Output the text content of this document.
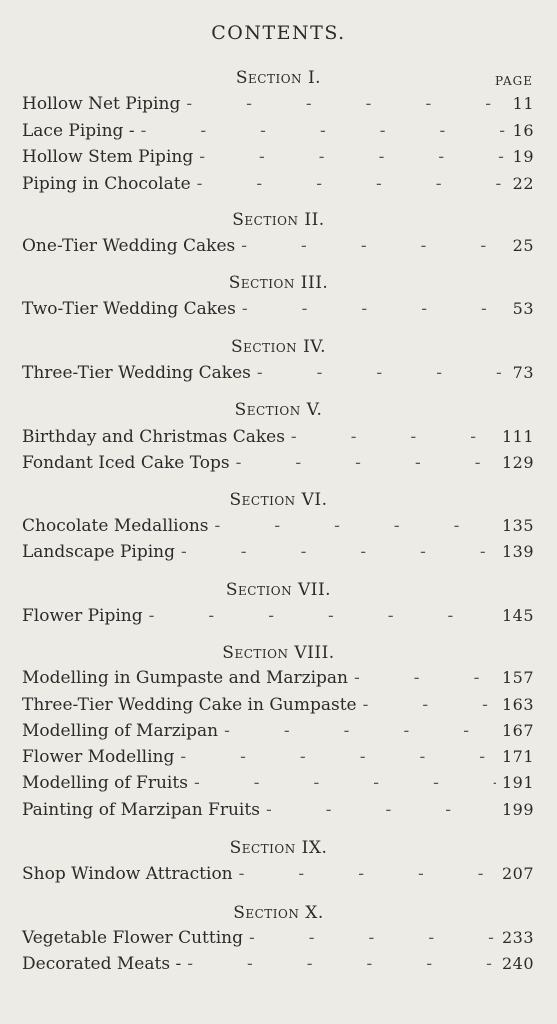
CONTENTS.
PAGE
Section I.
Hollow Net Piping -	11
Lace Piping - -	16
Hollow Stem Piping -	19
Piping in Chocolate -	22
Section II.
One-Tier Wedding Cakes -	25
Section III.
Two-Tier Wedding Cakes -	53
Section IV.
Three-Tier Wedding Cakes -	73
Section V.
Birthday and Christmas Cakes -	111
Fondant Iced Cake Tops -	129
Section VI.
Chocolate Medallions -	135
Landscape Piping -	139
Section VII.
Flower Piping -	145
Section VIII.
Modelling in Gumpaste and Marzipan -	157
Three-Tier Wedding Cake in Gumpaste -	163
Modelling of Marzipan -	167
Flower Modelling -	171
Modelling of Fruits -	191
Painting of Marzipan Fruits -	199
Section IX.
Shop Window Attraction -	207
Section X.
Vegetable Flower Cutting -	233
Decorated Meats - -	240
